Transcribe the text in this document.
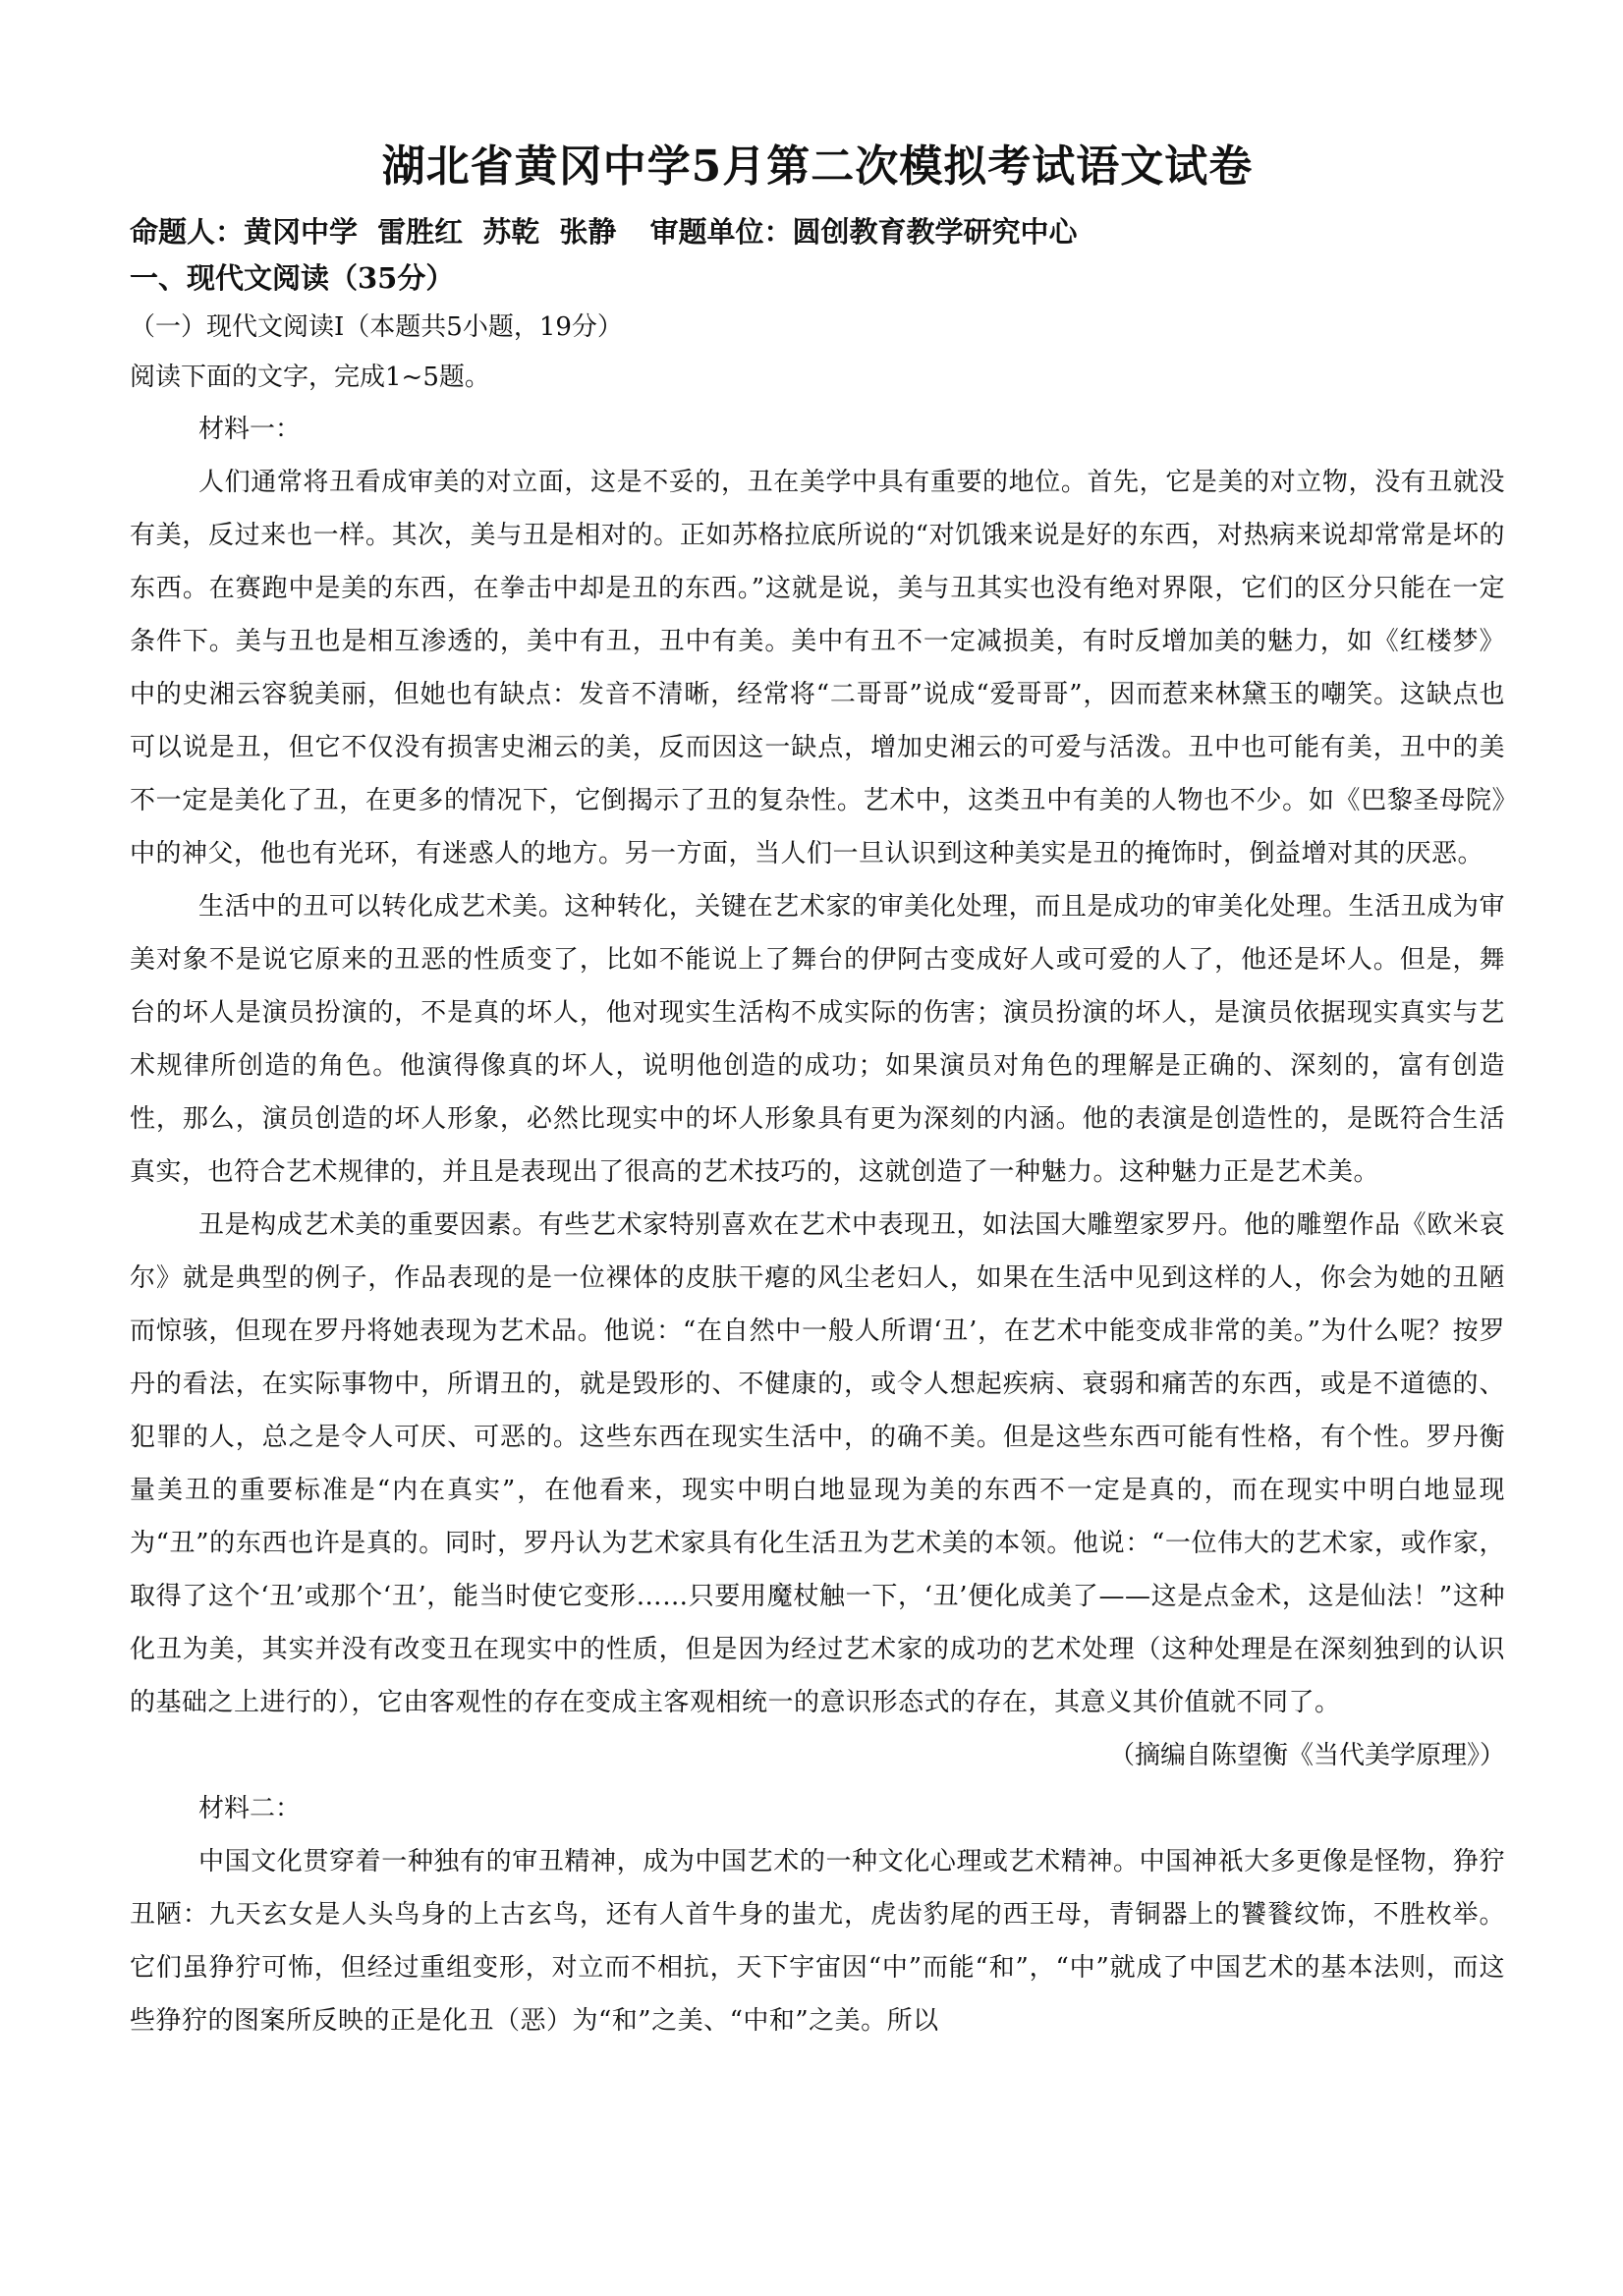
湖北省黄冈中学5月第二次模拟考试语文试卷

命题人：黄冈中学 雷胜红 苏乾 张静 审题单位：圆创教育教学研究中心

一、现代文阅读（35分）

（一）现代文阅读Ⅰ（本题共5小题，19分）

阅读下面的文字，完成1~5题。

材料一：

人们通常将丑看成审美的对立面，这是不妥的，丑在美学中具有重要的地位。首先，它是美的对立物，没有丑就没有美，反过来也一样。其次，美与丑是相对的。正如苏格拉底所说的“对饥饿来说是好的东西，对热病来说却常常是坏的东西。在赛跑中是美的东西，在拳击中却是丑的东西。”这就是说，美与丑其实也没有绝对界限，它们的区分只能在一定条件下。美与丑也是相互渗透的，美中有丑，丑中有美。美中有丑不一定减损美，有时反增加美的魅力，如《红楼梦》中的史湘云容貌美丽，但她也有缺点：发音不清晰，经常将“二哥哥”说成“爱哥哥”，因而惹来林黛玉的嘲笑。这缺点也可以说是丑，但它不仅没有损害史湘云的美，反而因这一缺点，增加史湘云的可爱与活泼。丑中也可能有美，丑中的美不一定是美化了丑，在更多的情况下，它倒揭示了丑的复杂性。艺术中，这类丑中有美的人物也不少。如《巴黎圣母院》中的神父，他也有光环，有迷惑人的地方。另一方面，当人们一旦认识到这种美实是丑的掩饰时，倒益增对其的厌恶。

生活中的丑可以转化成艺术美。这种转化，关键在艺术家的审美化处理，而且是成功的审美化处理。生活丑成为审美对象不是说它原来的丑恶的性质变了，比如不能说上了舞台的伊阿古变成好人或可爱的人了，他还是坏人。但是，舞台的坏人是演员扮演的，不是真的坏人，他对现实生活构不成实际的伤害；演员扮演的坏人，是演员依据现实真实与艺术规律所创造的角色。他演得像真的坏人，说明他创造的成功；如果演员对角色的理解是正确的、深刻的，富有创造性，那么，演员创造的坏人形象，必然比现实中的坏人形象具有更为深刻的内涵。他的表演是创造性的，是既符合生活真实，也符合艺术规律的，并且是表现出了很高的艺术技巧的，这就创造了一种魅力。这种魅力正是艺术美。

丑是构成艺术美的重要因素。有些艺术家特别喜欢在艺术中表现丑，如法国大雕塑家罗丹。他的雕塑作品《欧米哀尔》就是典型的例子，作品表现的是一位裸体的皮肤干瘪的风尘老妇人，如果在生活中见到这样的人，你会为她的丑陋而惊骇，但现在罗丹将她表现为艺术品。他说：“在自然中一般人所谓‘丑’，在艺术中能变成非常的美。”为什么呢？按罗丹的看法，在实际事物中，所谓丑的，就是毁形的、不健康的，或令人想起疾病、衰弱和痛苦的东西，或是不道德的、犯罪的人，总之是令人可厌、可恶的。这些东西在现实生活中，的确不美。但是这些东西可能有性格，有个性。罗丹衡量美丑的重要标准是“内在真实”，在他看来，现实中明白地显现为美的东西不一定是真的，而在现实中明白地显现为“丑”的东西也许是真的。同时，罗丹认为艺术家具有化生活丑为艺术美的本领。他说：“一位伟大的艺术家，或作家，取得了这个‘丑’或那个‘丑’，能当时使它变形……只要用魔杖触一下，‘丑’便化成美了——这是点金术，这是仙法！”这种化丑为美，其实并没有改变丑在现实中的性质，但是因为经过艺术家的成功的艺术处理（这种处理是在深刻独到的认识的基础之上进行的），它由客观性的存在变成主客观相统一的意识形态式的存在，其意义其价值就不同了。

（摘编自陈望衡《当代美学原理》）

材料二：

中国文化贯穿着一种独有的审丑精神，成为中国艺术的一种文化心理或艺术精神。中国神祇大多更像是怪物，狰狞丑陋：九天玄女是人头鸟身的上古玄鸟，还有人首牛身的蚩尤，虎齿豹尾的西王母，青铜器上的饕餮纹饰，不胜枚举。它们虽狰狞可怖，但经过重组变形，对立而不相抗，天下宇宙因“中”而能“和”，“中”就成了中国艺术的基本法则，而这些狰狞的图案所反映的正是化丑（恶）为“和”之美、“中和”之美。所以
